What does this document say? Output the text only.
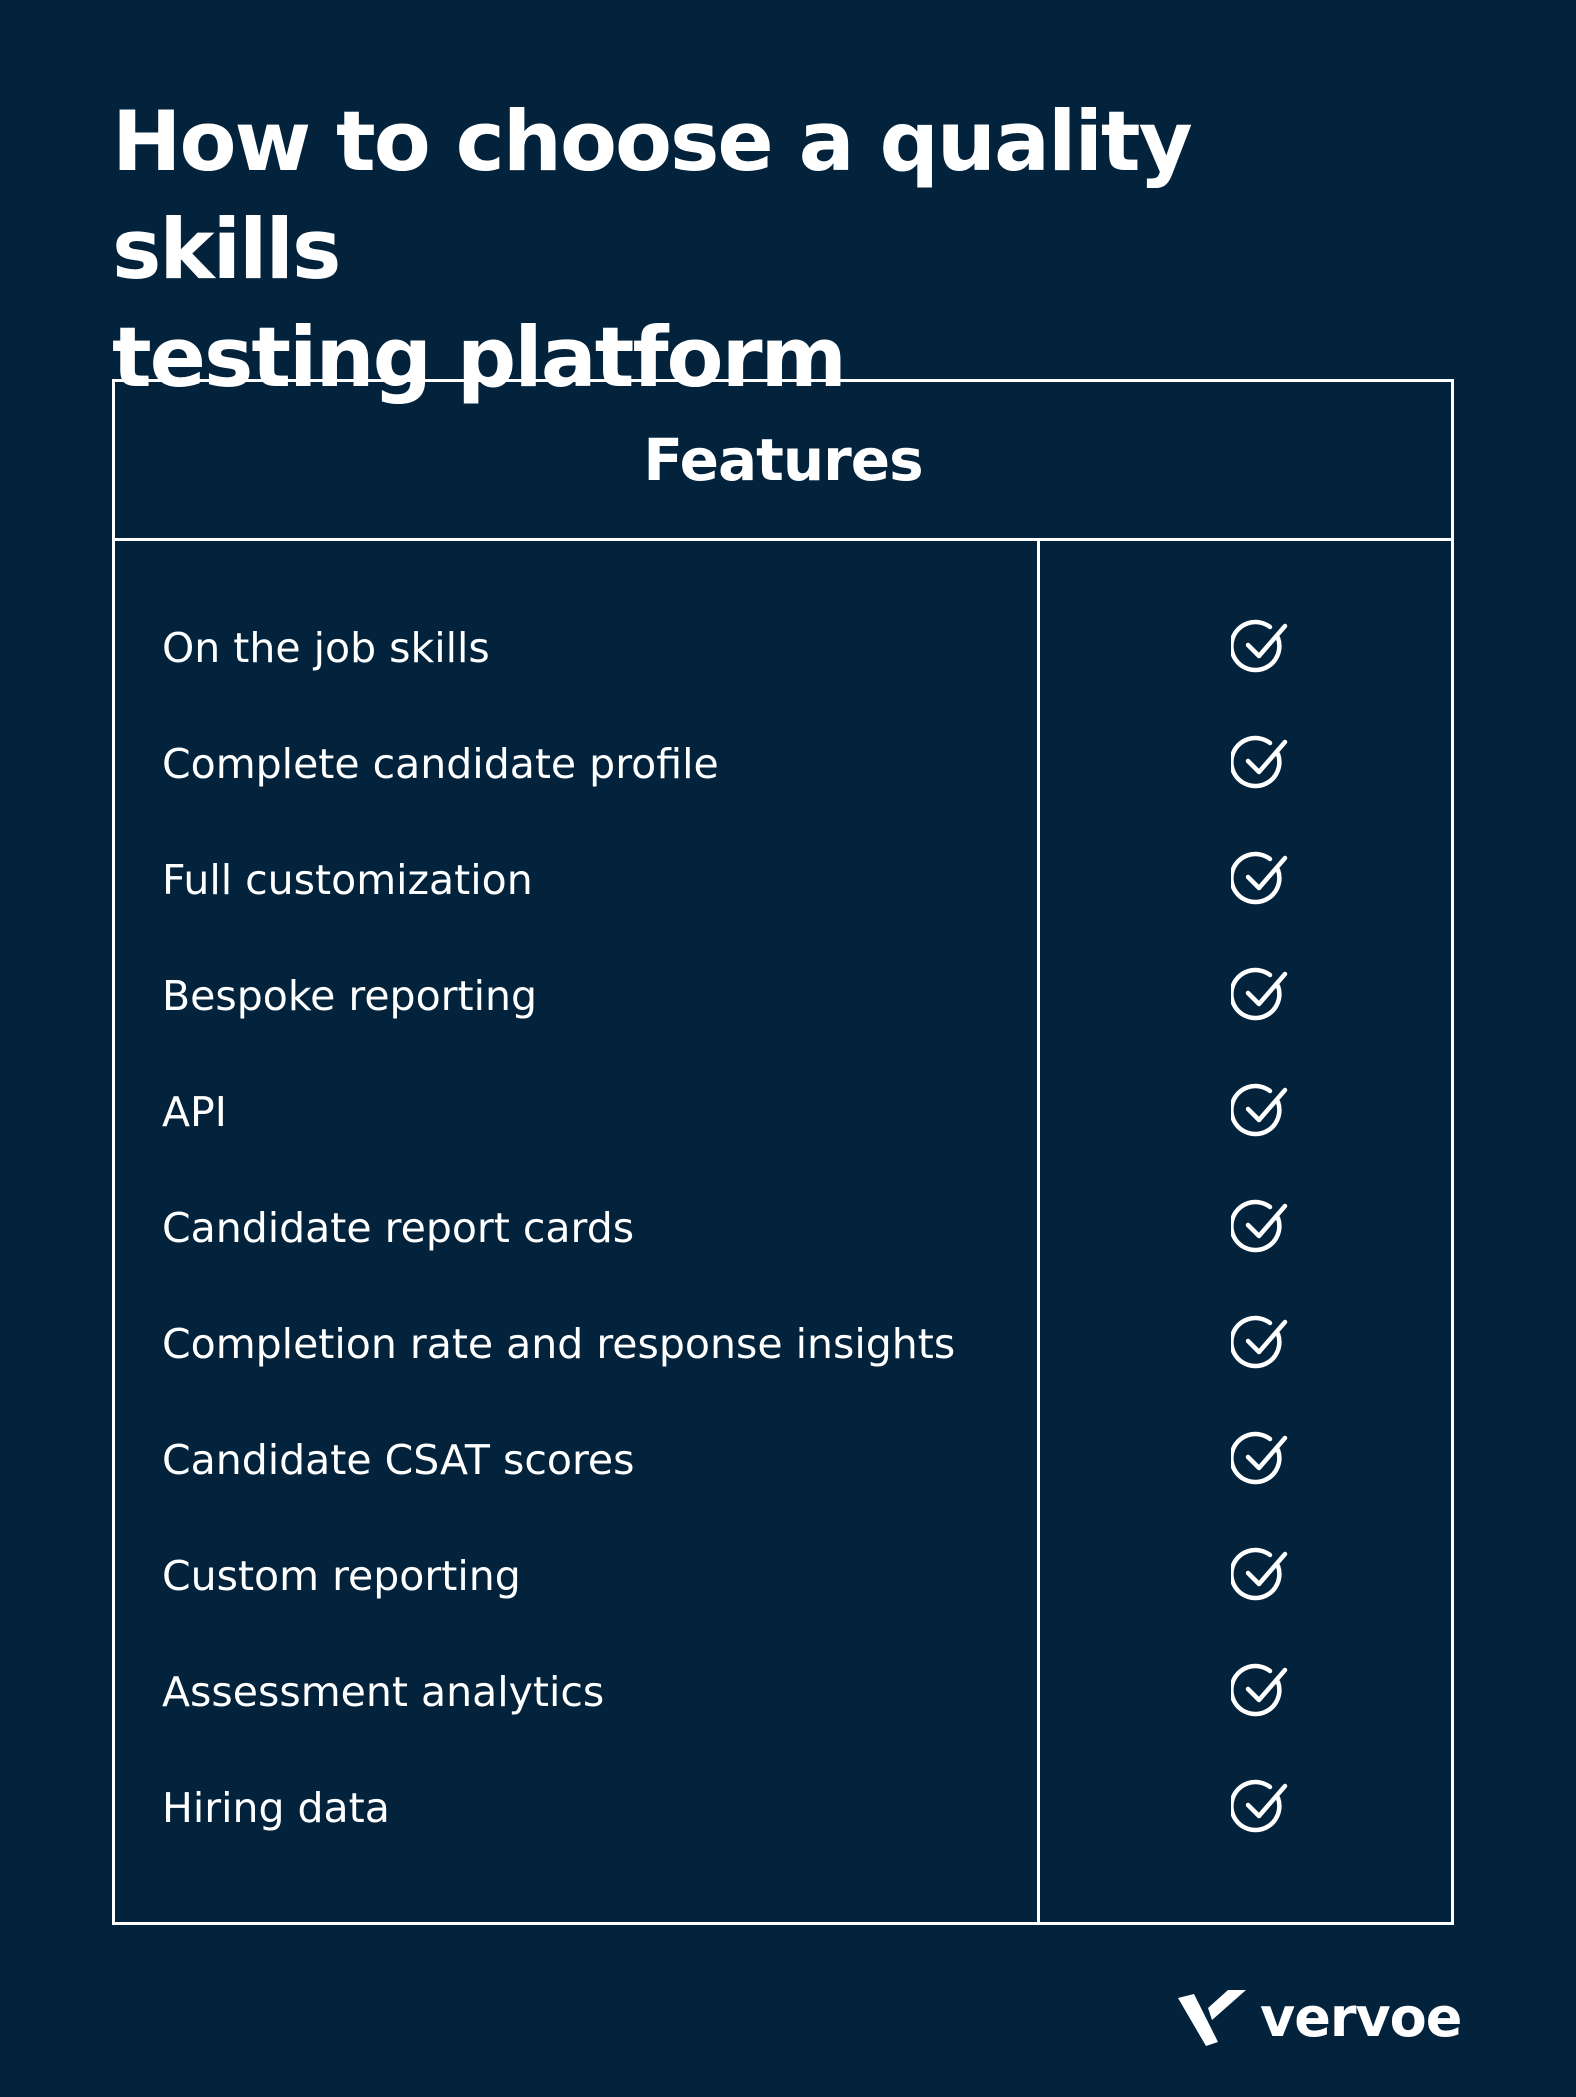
How to choose a quality skills
testing platform
Features
On the job skills
Complete candidate profile
Full customization
Bespoke reporting
API
Candidate report cards
Completion rate and response insights
Candidate CSAT scores
Custom reporting
Assessment analytics
Hiring data
vervoe
